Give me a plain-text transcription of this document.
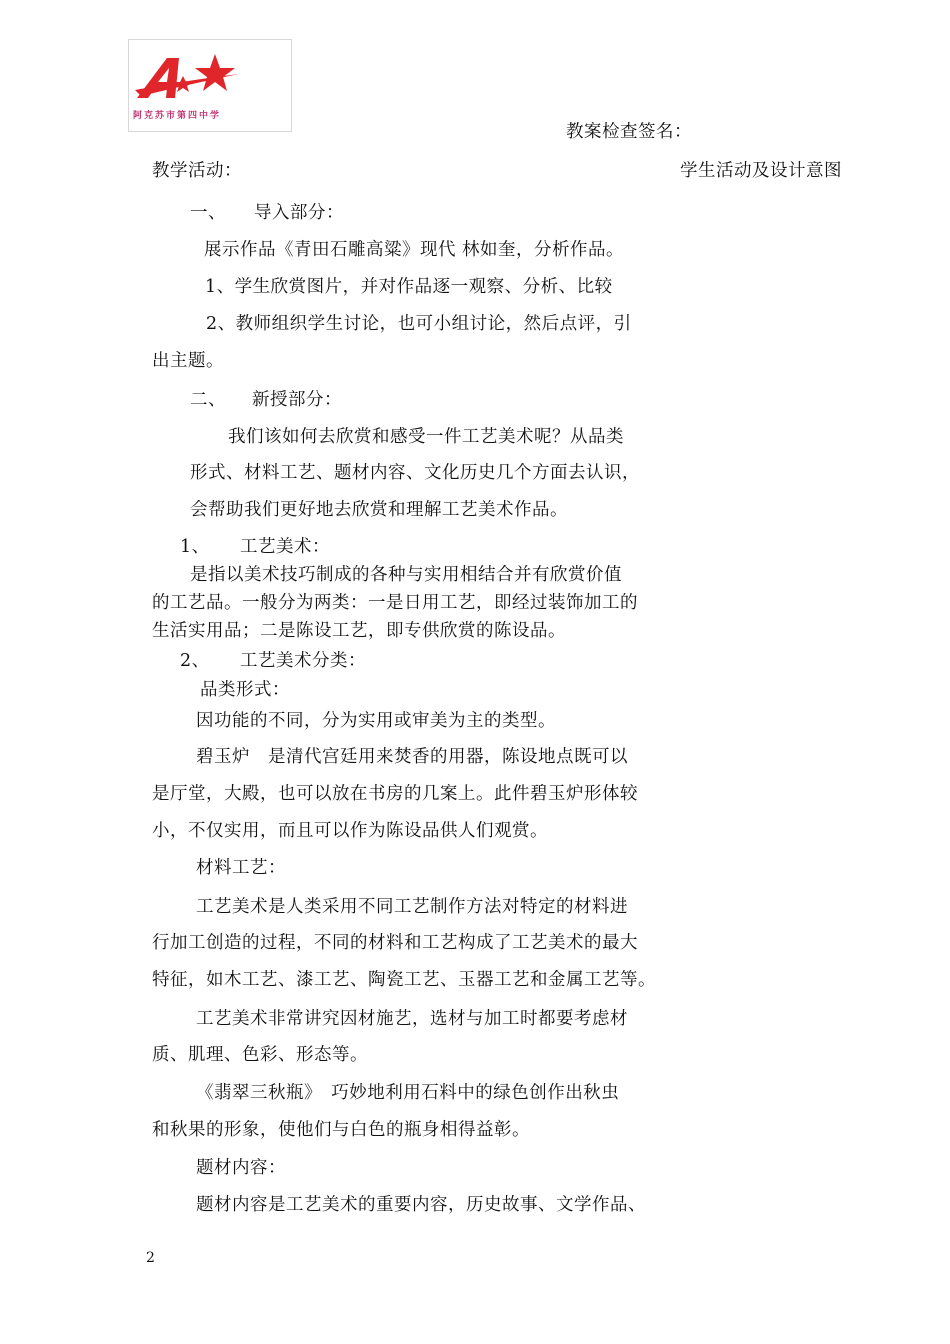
阿克苏市第四中学
教案检查签名：
教学活动：	学生活动及设计意图
一、 导入部分：
展示作品《青田石雕高粱》现代 林如奎，分析作品。
1、学生欣赏图片，并对作品逐一观察、分析、比较
2、教师组织学生讨论，也可小组讨论，然后点评，引
出主题。
二、 新授部分：
我们该如何去欣赏和感受一件工艺美术呢？从品类
形式、材料工艺、题材内容、文化历史几个方面去认识，
会帮助我们更好地去欣赏和理解工艺美术作品。
1、 工艺美术：
是指以美术技巧制成的各种与实用相结合并有欣赏价值
的工艺品。一般分为两类：一是日用工艺，即经过装饰加工的
生活实用品；二是陈设工艺，即专供欣赏的陈设品。
2、 工艺美术分类：
品类形式：
因功能的不同，分为实用或审美为主的类型。
碧玉炉　是清代宫廷用来焚香的用器，陈设地点既可以
是厅堂，大殿，也可以放在书房的几案上。此件碧玉炉形体较
小，不仅实用，而且可以作为陈设品供人们观赏。
材料工艺：
工艺美术是人类采用不同工艺制作方法对特定的材料进
行加工创造的过程，不同的材料和工艺构成了工艺美术的最大
特征，如木工艺、漆工艺、陶瓷工艺、玉器工艺和金属工艺等。
工艺美术非常讲究因材施艺，选材与加工时都要考虑材
质、肌理、色彩、形态等。
《翡翠三秋瓶》　巧妙地利用石料中的绿色创作出秋虫
和秋果的形象，使他们与白色的瓶身相得益彰。
题材内容：
题材内容是工艺美术的重要内容，历史故事、文学作品、
2
